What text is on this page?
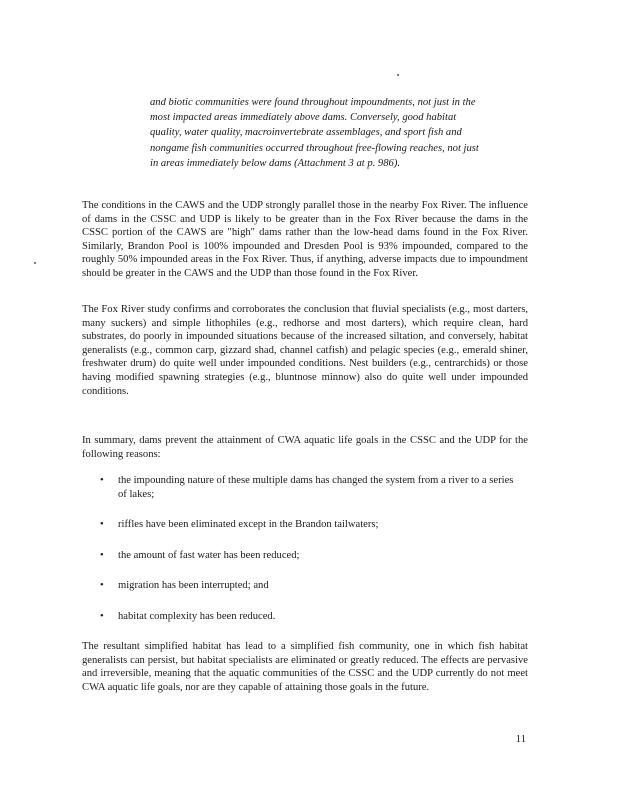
and biotic communities were found throughout impoundments, not just in the most impacted areas immediately above dams. Conversely, good habitat quality, water quality, macroinvertebrate assemblages, and sport fish and nongame fish communities occurred throughout free-flowing reaches, not just in areas immediately below dams (Attachment 3 at p. 986).
The conditions in the CAWS and the UDP strongly parallel those in the nearby Fox River. The influence of dams in the CSSC and UDP is likely to be greater than in the Fox River because the dams in the CSSC portion of the CAWS are "high" dams rather than the low-head dams found in the Fox River. Similarly, Brandon Pool is 100% impounded and Dresden Pool is 93% impounded, compared to the roughly 50% impounded areas in the Fox River. Thus, if anything, adverse impacts due to impoundment should be greater in the CAWS and the UDP than those found in the Fox River.
The Fox River study confirms and corroborates the conclusion that fluvial specialists (e.g., most darters, many suckers) and simple lithophiles (e.g., redhorse and most darters), which require clean, hard substrates, do poorly in impounded situations because of the increased siltation, and conversely, habitat generalists (e.g., common carp, gizzard shad, channel catfish) and pelagic species (e.g., emerald shiner, freshwater drum) do quite well under impounded conditions. Nest builders (e.g., centrarchids) or those having modified spawning strategies (e.g., bluntnose minnow) also do quite well under impounded conditions.
In summary, dams prevent the attainment of CWA aquatic life goals in the CSSC and the UDP for the following reasons:
• the impounding nature of these multiple dams has changed the system from a river to a series of lakes;
• riffles have been eliminated except in the Brandon tailwaters;
• the amount of fast water has been reduced;
• migration has been interrupted; and
• habitat complexity has been reduced.
The resultant simplified habitat has lead to a simplified fish community, one in which fish habitat generalists can persist, but habitat specialists are eliminated or greatly reduced. The effects are pervasive and irreversible, meaning that the aquatic communities of the CSSC and the UDP currently do not meet CWA aquatic life goals, nor are they capable of attaining those goals in the future.
11
